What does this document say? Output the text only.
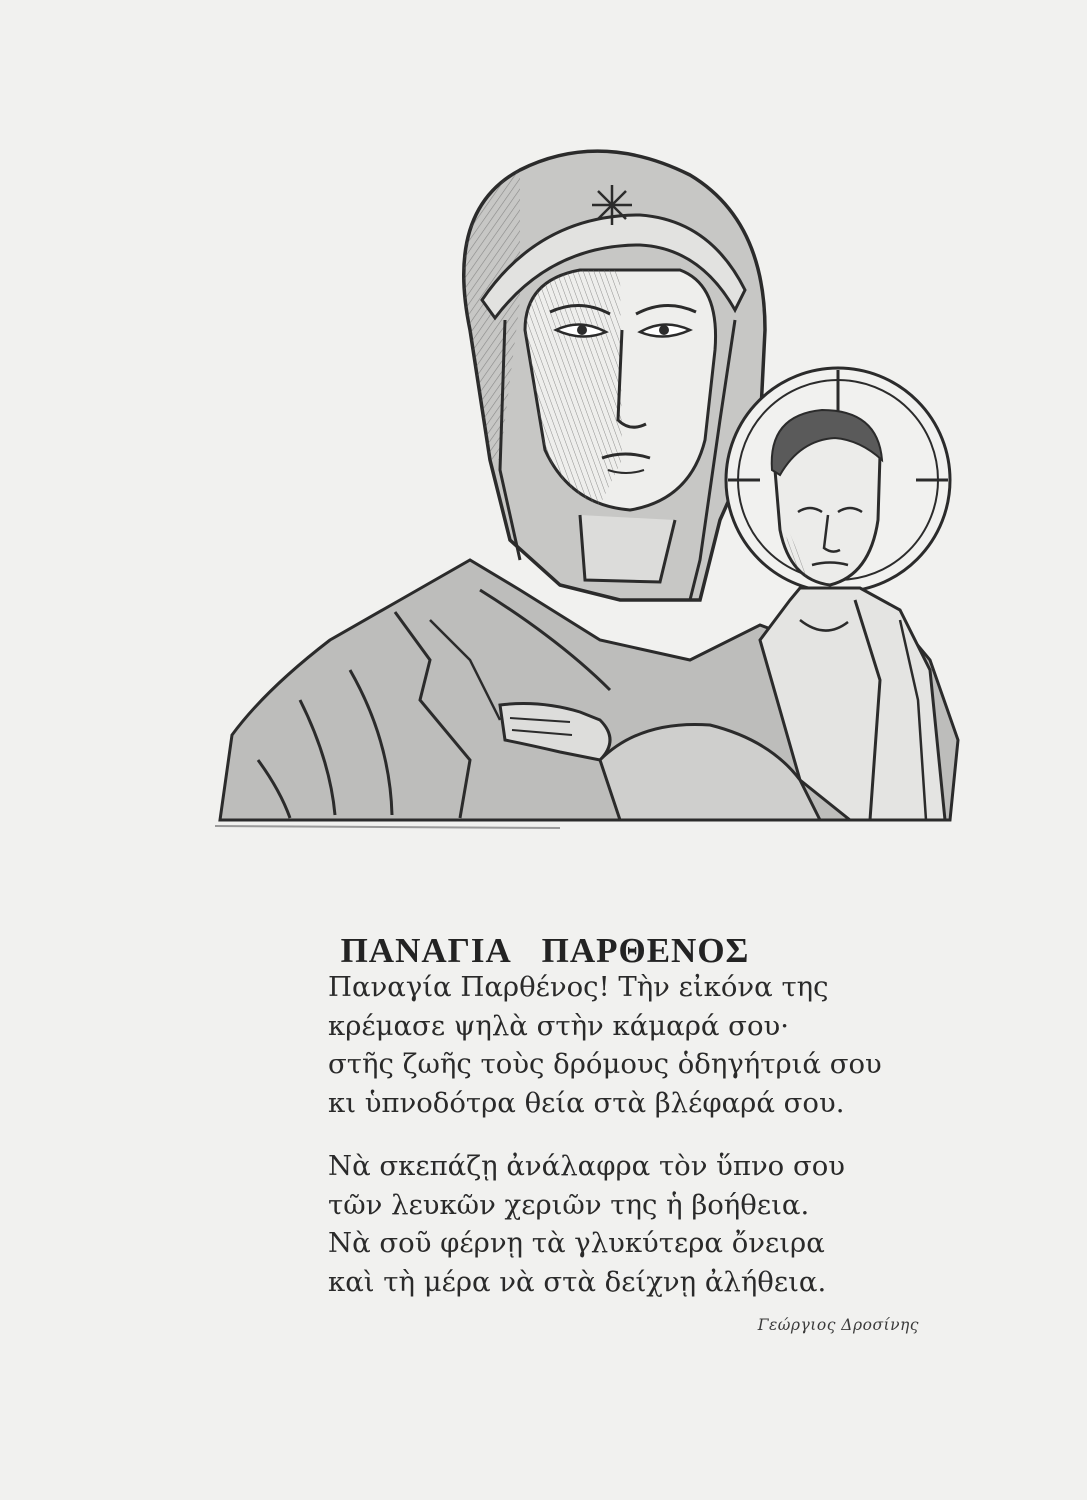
ΠΑΝΑΓΙΑ ΠΑΡΘΕΝΟΣ
Παναγία Παρθένος! Τὴν εἰκόνα της
κρέμασε ψηλὰ στὴν κάμαρά σου·
στῆς ζωῆς τοὺς δρόμους ὁδηγήτριά σου
κι ὑπνοδότρα θεία στὰ βλέφαρά σου.
Νὰ σκεπάζῃ ἀνάλαφρα τὸν ὕπνο σου
τῶν λευκῶν χεριῶν της ἡ βοήθεια.
Νὰ σοῦ φέρνῃ τὰ γλυκύτερα ὄνειρα
καὶ τὴ μέρα νὰ στὰ δείχνῃ ἀλήθεια.
Γεώργιος Δροσίνης
